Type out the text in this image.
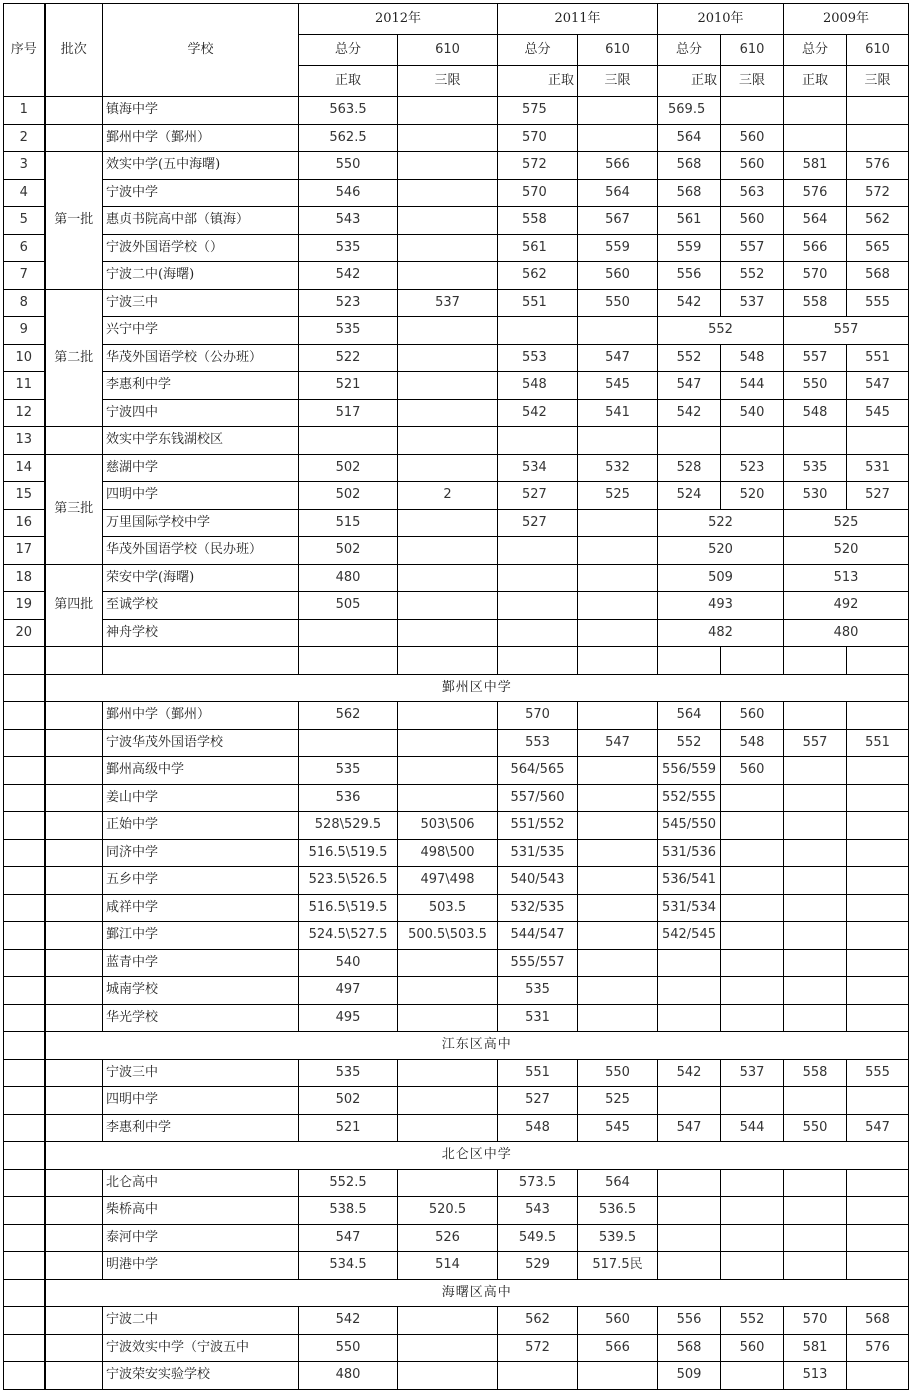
序号	批次	学校	2012年		2011年		2010年		2009年	
			总分	610	总分	610	总分	610	总分	610
			正取	三限	正取	三限	正取	三限	正取	三限
1		镇海中学	563.5		575		569.5			
2		鄞州中学（鄞州）	562.5		570		564	560		
3	第一批	效实中学(五中海曙)	550		572	566	568	560	581	576
4		宁波中学	546		570	564	568	563	576	572
5		惠贞书院高中部（镇海）	543		558	567	561	560	564	562
6		宁波外国语学校（）	535		561	559	559	557	566	565
7		宁波二中(海曙)	542		562	560	556	552	570	568
8	第二批	宁波三中	523	537	551	550	542	537	558	555
9		兴宁中学	535				552		557	
10		华茂外国语学校（公办班）	522		553	547	552	548	557	551
11		李惠利中学	521		548	545	547	544	550	547
12		宁波四中	517		542	541	542	540	548	545
13		效实中学东钱湖校区								
14	第三批	慈湖中学	502		534	532	528	523	535	531
15		四明中学	502	2	527	525	524	520	530	527
16		万里国际学校中学	515		527		522		525	
17		华茂外国语学校（民办班）	502				520		520	
18	第四批	荣安中学(海曙)	480				509		513	
19		至诚学校	505				493		492	
20		神舟学校					482		480	

	鄞州区中学									
		鄞州中学（鄞州）	562		570		564	560		
		宁波华茂外国语学校			553	547	552	548	557	551
		鄞州高级中学	535		564/565		556/559	560		
		姜山中学	536		557/560		552/555			
		正始中学	528\529.5	503\506	551/552		545/550			
		同济中学	516.5\519.5	498\500	531/535		531/536			
		五乡中学	523.5\526.5	497\498	540/543		536/541			
		咸祥中学	516.5\519.5	503.5	532/535		531/534			
		鄞江中学	524.5\527.5	500.5\503.5	544/547		542/545			
		蓝青中学	540		555/557					
		城南学校	497		535					
		华光学校	495		531					
	江东区高中									
		宁波三中	535		551	550	542	537	558	555
		四明中学	502		527	525				
		李惠利中学	521		548	545	547	544	550	547
	北仑区中学									
		北仑高中	552.5		573.5	564				
		柴桥高中	538.5	520.5	543	536.5				
		泰河中学	547	526	549.5	539.5				
		明港中学	534.5	514	529	517.5民				
	海曙区高中									
		宁波二中	542		562	560	556	552	570	568
		宁波效实中学（宁波五中	550		572	566	568	560	581	576
		宁波荣安实验学校	480				509		513	
